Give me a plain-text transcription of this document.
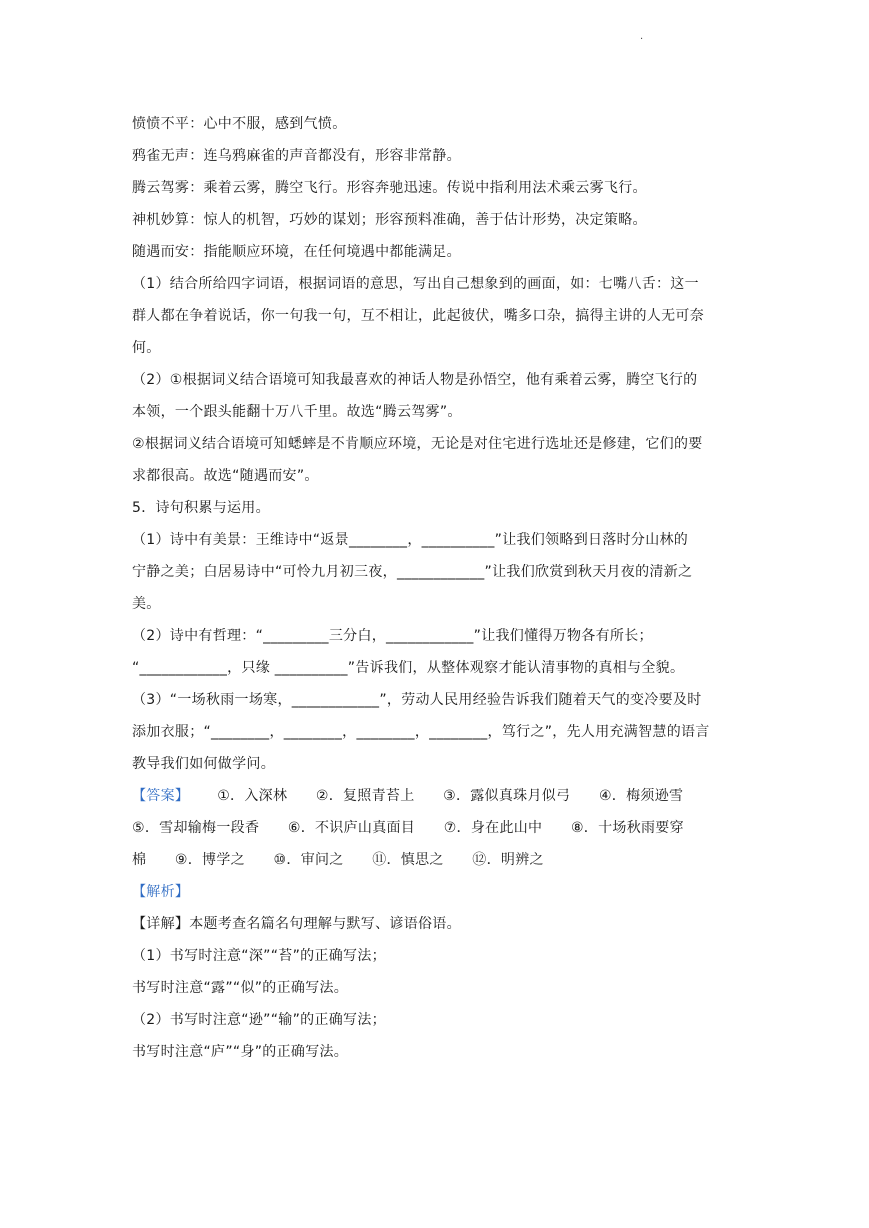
·
愤愤不平：心中不服，感到气愤。
鸦雀无声：连乌鸦麻雀的声音都没有，形容非常静。
腾云驾雾：乘着云雾，腾空飞行。形容奔驰迅速。传说中指利用法术乘云雾飞行。
神机妙算：惊人的机智，巧妙的谋划；形容预料准确，善于估计形势，决定策略。
随遇而安：指能顺应环境，在任何境遇中都能满足。
（1）结合所给四字词语，根据词语的意思，写出自己想象到的画面，如：七嘴八舌：这一
群人都在争着说话，你一句我一句，互不相让，此起彼伏，嘴多口杂，搞得主讲的人无可奈
何。
（2）①根据词义结合语境可知我最喜欢的神话人物是孙悟空，他有乘着云雾，腾空飞行的
本领，一个跟头能翻十万八千里。故选“腾云驾雾”。
②根据词义结合语境可知蟋蟀是不肯顺应环境，无论是对住宅进行选址还是修建，它们的要
求都很高。故选“随遇而安”。
5．诗句积累与运用。
（1）诗中有美景：王维诗中“返景________，__________”让我们领略到日落时分山林的
宁静之美；白居易诗中“可怜九月初三夜，____________”让我们欣赏到秋天月夜的清新之
美。
（2）诗中有哲理：“_________三分白，____________”让我们懂得万物各有所长；
“____________，只缘 __________”告诉我们，从整体观察才能认清事物的真相与全貌。
（3）“一场秋雨一场寒，____________”，劳动人民用经验告诉我们随着天气的变冷要及时
添加衣服；“________，________，________，________，笃行之”，先人用充满智慧的语言
教导我们如何做学问。
【答案】 ①．入深林　　②．复照青苔上　　③．露似真珠月似弓　　④．梅须逊雪
⑤．雪却输梅一段香　　⑥．不识庐山真面目　　⑦．身在此山中　　⑧．十场秋雨要穿
棉　　⑨．博学之　　⑩．审问之　　⑪．慎思之　　⑫．明辨之
【解析】
【详解】本题考查名篇名句理解与默写、谚语俗语。
（1）书写时注意“深”“苔”的正确写法；
书写时注意“露”“似”的正确写法。
（2）书写时注意“逊”“输”的正确写法；
书写时注意“庐”“身”的正确写法。
